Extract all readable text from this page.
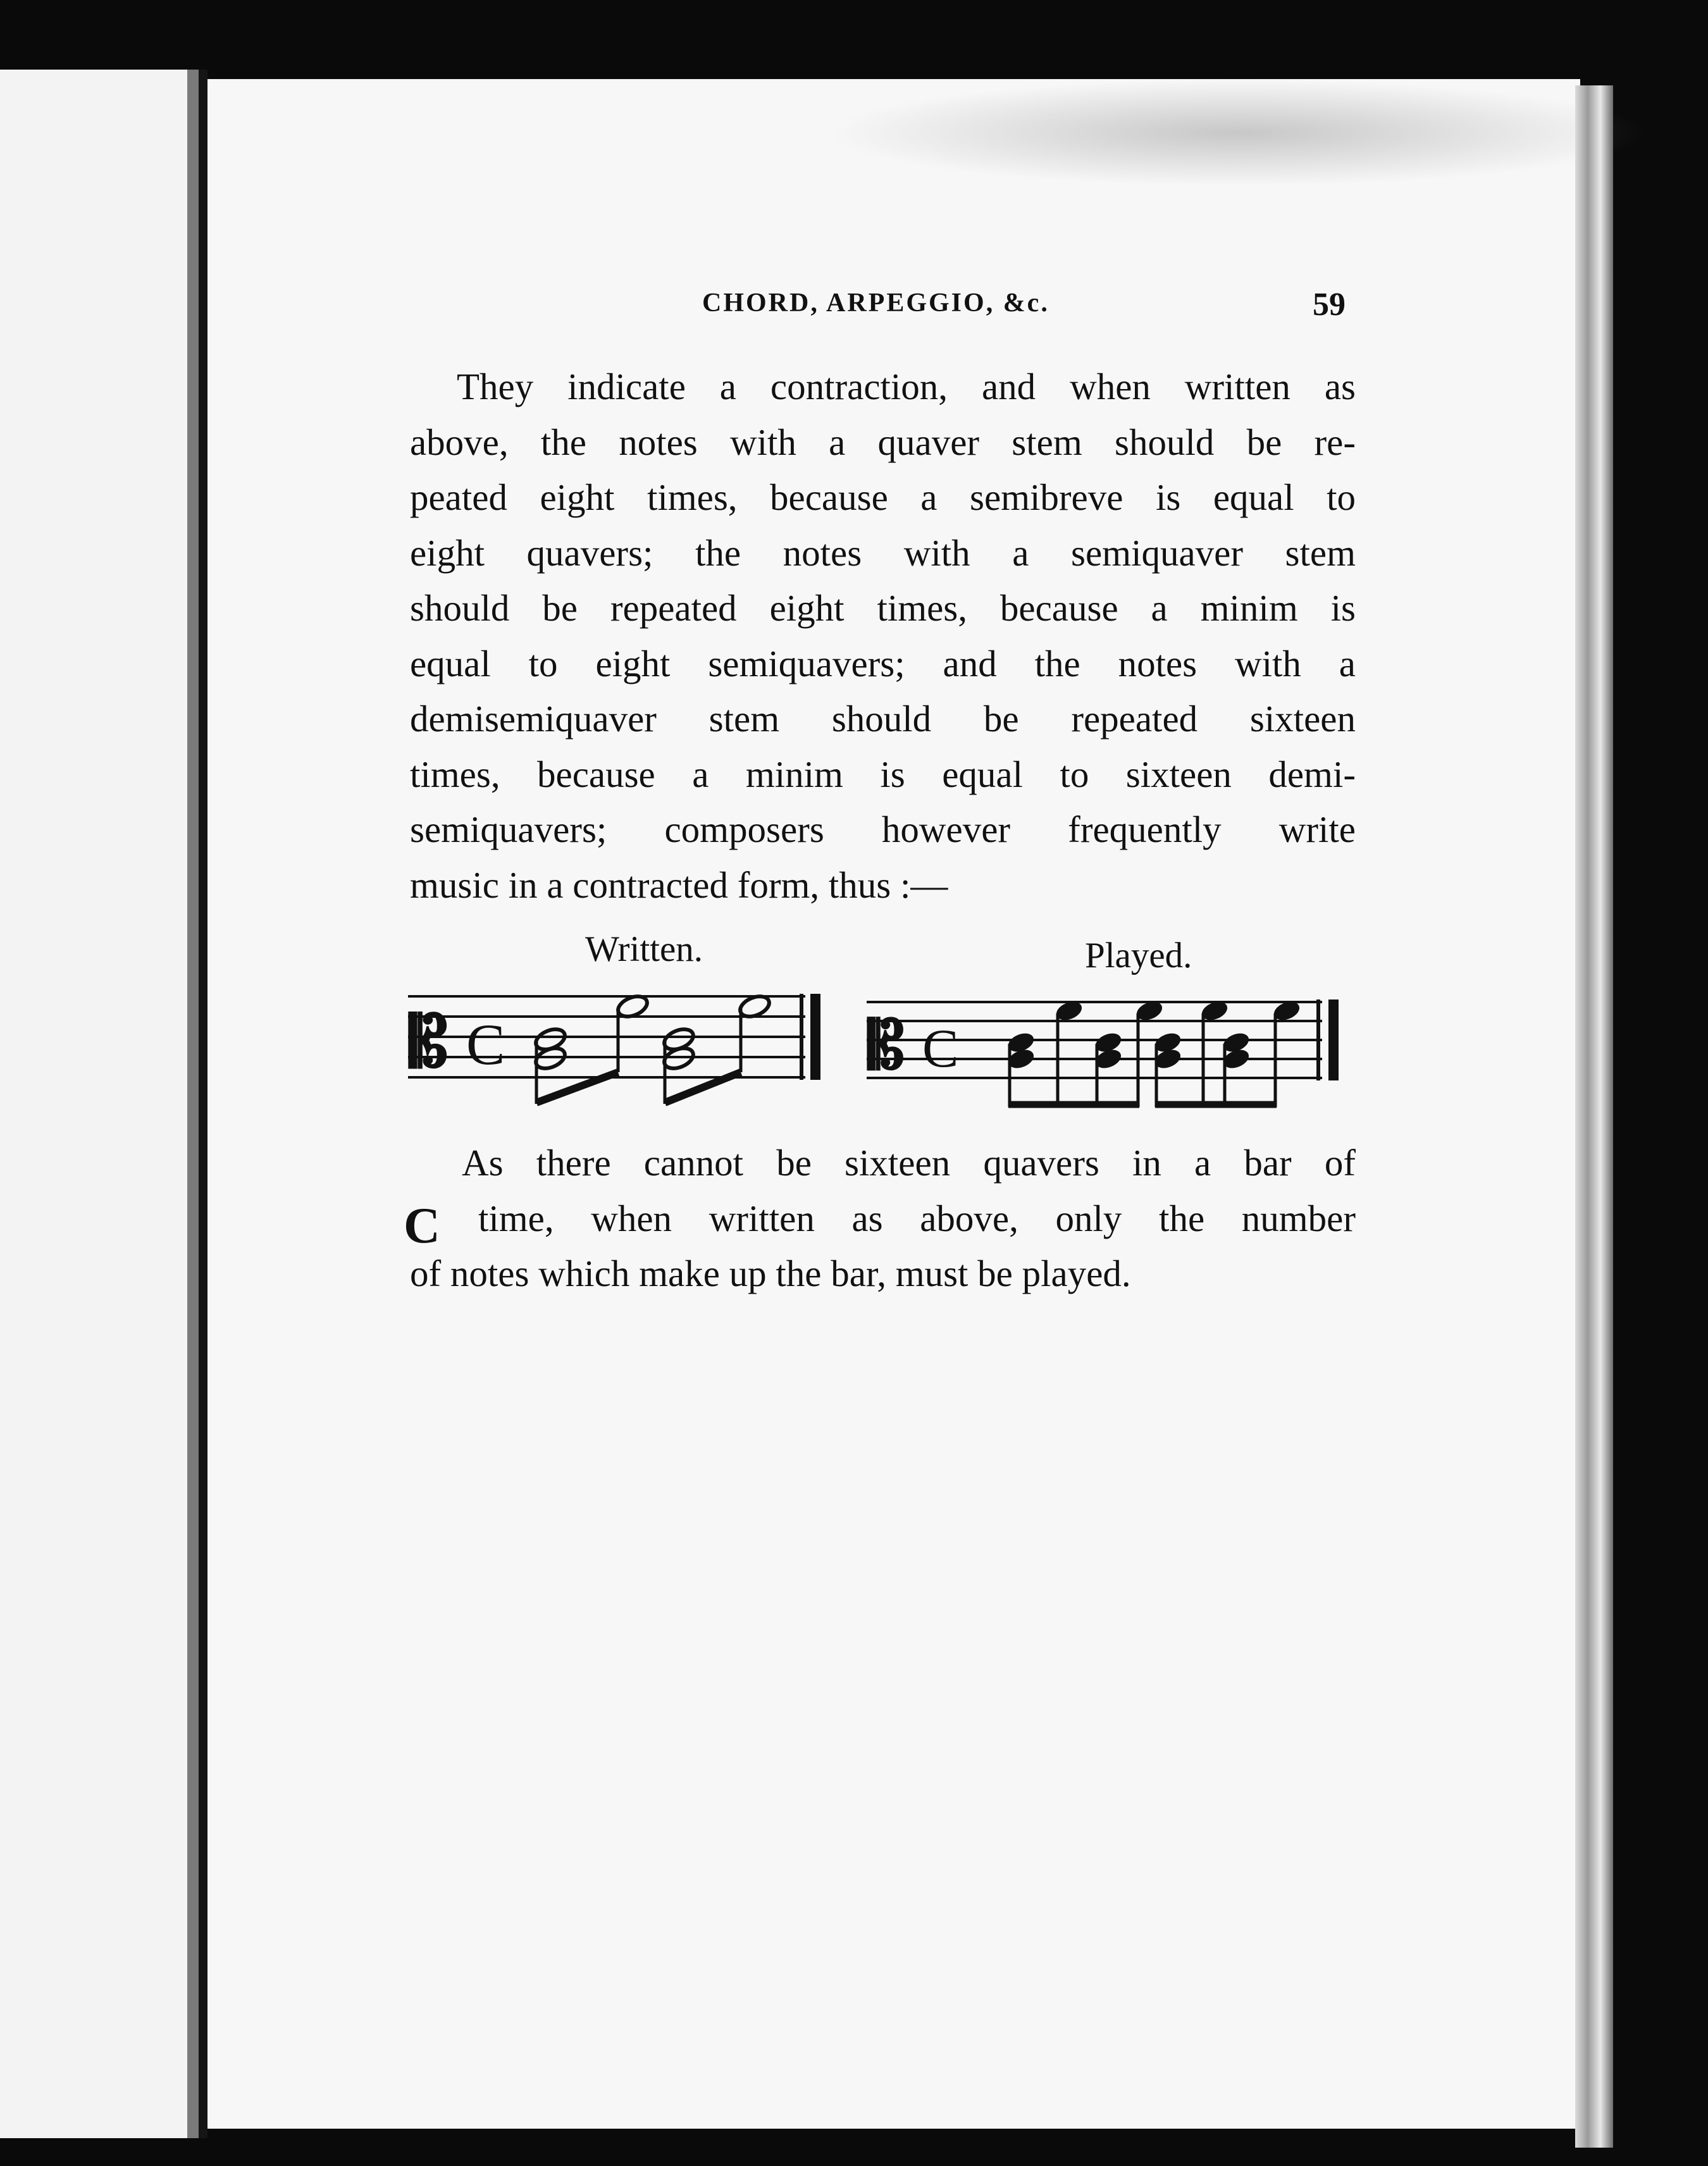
CHORD, ARPEGGIO, &c.	59
They indicate a contraction, and when written as
above, the notes with a quaver stem should be re-
peated eight times, because a semibreve is equal to
eight quavers; the notes with a semiquaver stem
should be repeated eight times, because a minim is
equal to eight semiquavers; and the notes with a
demisemiquaver stem should be repeated sixteen
times, because a minim is equal to sixteen demi-
semiquavers; composers however frequently write
music in a contracted form, thus :—
Written.	Played.
𝄡 C	𝄡 C
As there cannot be sixteen quavers in a bar of
time, when written as above, only the number
of notes which make up the bar, must be played.
C
